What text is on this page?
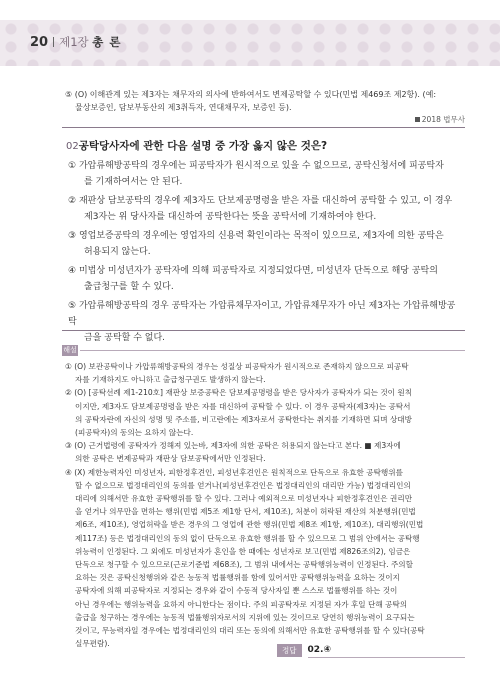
20 제1장 총 론
⑤ (O) 이해관계 있는 제3자는 채무자의 의사에 반하여서도 변제공탁할 수 있다(민법 제469조 제2항). (예:
물상보증인, 담보부동산의 제3취득자, 연대채무자, 보증인 등).
2018 법무사
02공탁당사자에 관한 다음 설명 중 가장 옳지 않은 것은?
① 가압류해방공탁의 경우에는 피공탁자가 원시적으로 있을 수 없으므로, 공탁신청서에 피공탁자
를 기재하여서는 안 된다.
② 재판상 담보공탁의 경우에 제3자도 단보제공명령을 받은 자를 대신하여 공탁할 수 있고, 이 경우
제3자는 위 당사자를 대신하여 공탁한다는 뜻을 공탁서에 기재하여야 한다.
③ 영업보증공탁의 경우에는 영업자의 신용력 확인이라는 목적이 있으므로, 제3자에 의한 공탁은
허용되지 않는다.
④ 미법상 미성년자가 공탁자에 의해 피공탁자로 지정되었다면, 미성년자 단독으로 해당 공탁의
출급청구를 할 수 있다.
⑤ 가압류해방공탁의 경우 공탁자는 가압류채무자이고, 가압류채무자가 아닌 제3자는 가압류해방공탁
금을 공탁할 수 없다.
해설
① (O) 보관공탁이나 가압류해방공탁의 경우는 성질상 피공탁자가 원시적으로 존재하지 않으므로 피공탁
자를 기재하지도 아니하고 출급청구권도 발생하지 않는다.
② (O) [공탁선례 제1-210호] 재판상 보증공탁은 담보제공명령을 받은 당사자가 공탁자가 되는 것이 원칙
이지만, 제3자도 담보제공명령을 받은 자를 대신하여 공탁할 수 있다. 이 경우 공탁자(제3자)는 공탁서
의 공탁자란에 자신의 성명 및 주소를, 비고란에는 제3자로서 공탁한다는 취지를 기재하면 되며 상대방
(피공탁자)의 동의는 요하지 않는다.
③ (O) 근거법령에 공탁자가 정해져 있는바, 제3자에 의한 공탁은 허용되지 않는다고 본다. ■ 제3자에
의한 공탁은 변제공탁과 재판상 담보공탁에서만 인정된다.
④ (X) 제한능력자인 미성년자, 피한정후견인, 피성년후견인은 원칙적으로 단독으로 유효한 공탁행위를
할 수 없으므로 법정대리인의 동의를 얻거나(피성년후견인은 법정대리인의 대리만 가능) 법정대리인의
대리에 의해서만 유효한 공탁행위를 할 수 있다. 그러나 예외적으로 미성년자나 피한정후견인은 권리만
을 얻거나 의무만을 면하는 행위(민법 제5조 제1항 단서, 제10조), 처분이 허락된 재산의 처분행위(민법
제6조, 제10조), 영업허락을 받은 경우의 그 영업에 관한 행위(민법 제8조 제1항, 제10조), 대리행위(민법
제117조) 등은 법정대리인의 동의 없이 단독으로 유효한 행위를 할 수 있으므로 그 범위 안에서는 공탁행
위능력이 인정된다. 그 외에도 미성년자가 혼인을 한 때에는 성년자로 보고(민법 제826조의2), 임금은
단독으로 청구할 수 있으므로(근로기준법 제68조), 그 범위 내에서는 공탁행위능력이 인정된다. 주의할
요하는 것은 공탁신청행위와 같은 능동적 법률행위를 함에 있어서만 공탁행위능력을 요하는 것이지
공탁자에 의해 피공탁자로 지정되는 경우와 같이 수동적 당사자일 뿐 스스로 법률행위를 하는 것이
아닌 경우에는 행위능력을 요하지 아니한다는 점이다. 주의 피공탁자로 지정된 자가 후일 단해 공탁의
출급을 청구하는 경우에는 능동적 법률행위자로서의 지위에 있는 것이므로 당연히 행위능력이 요구되는
것이고, 무능력자일 경우에는 법정대리인의 대리 또는 동의에 의해서만 유효한 공탁행위를 할 수 있다(공탁
실무편람).
정답	02.④
